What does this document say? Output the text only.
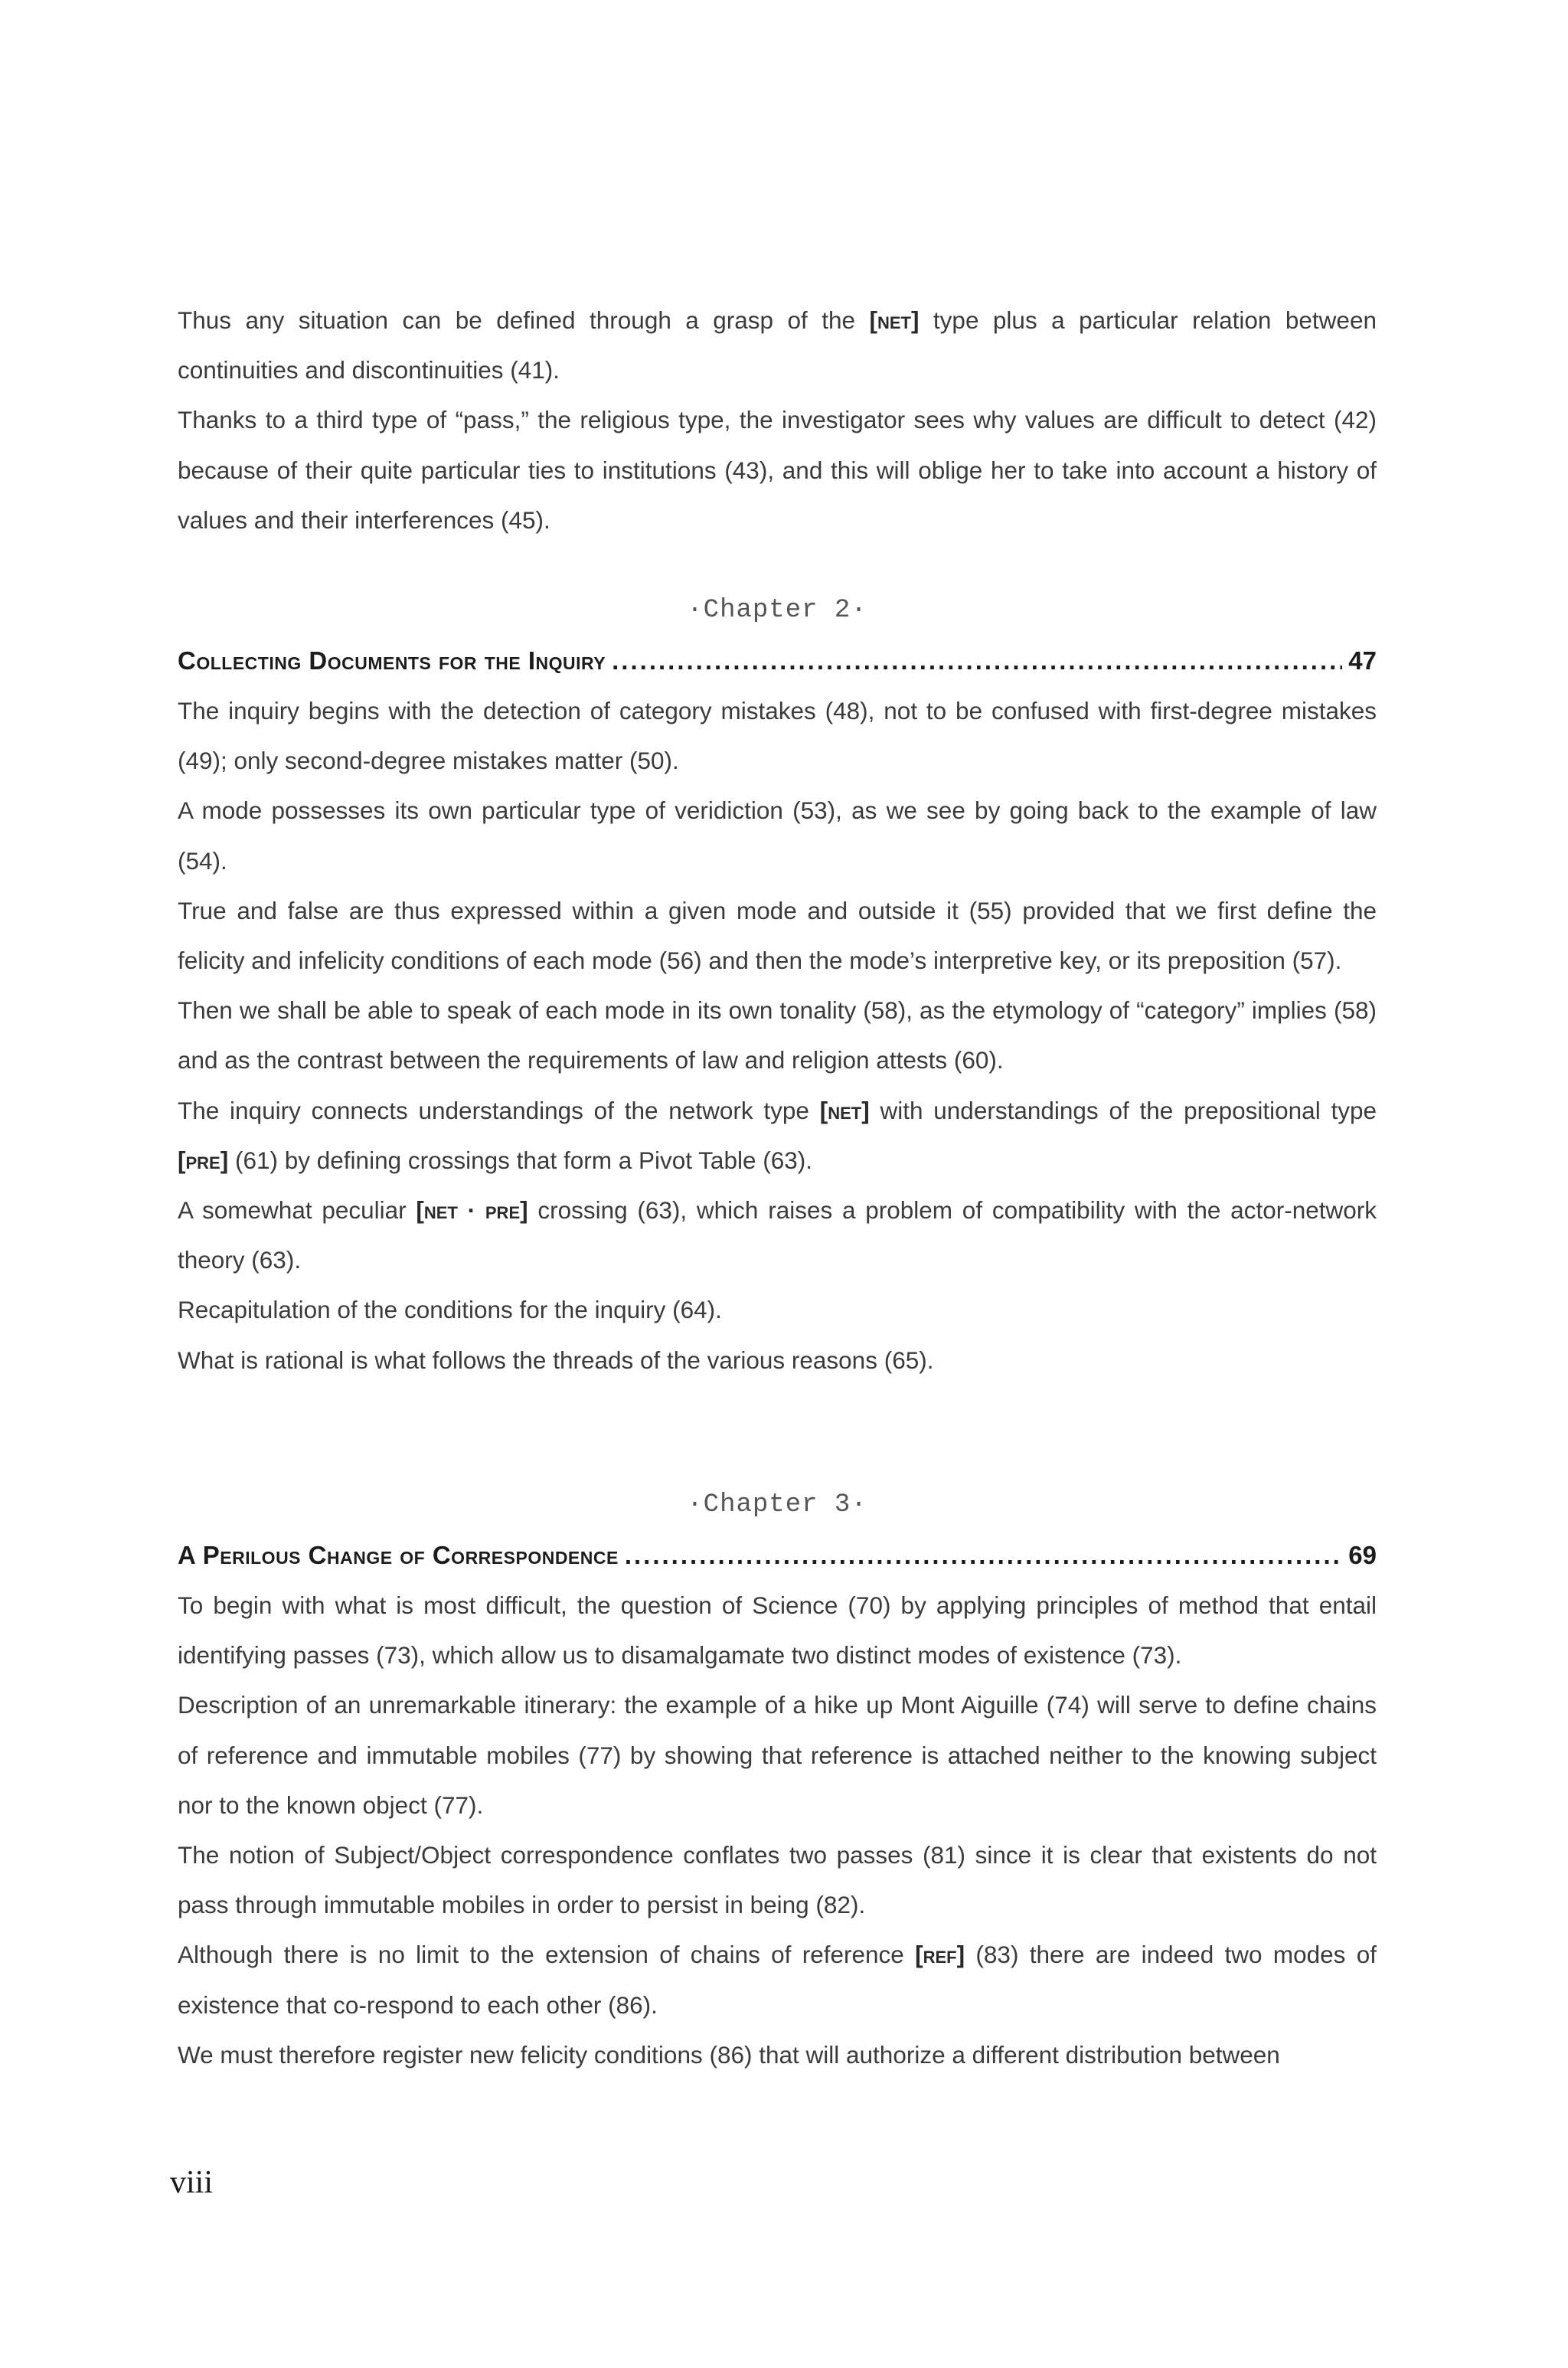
Thus any situation can be defined through a grasp of the [net] type plus a particular relation between continuities and discontinuities (41).

Thanks to a third type of “pass,” the religious type, the investigator sees why values are difficult to detect (42) because of their quite particular ties to institutions (43), and this will oblige her to take into account a history of values and their interferences (45).

·Chapter 2·
Collecting Documents for the Inquiry .....	47

The inquiry begins with the detection of category mistakes (48), not to be confused with first-degree mistakes (49); only second-degree mistakes matter (50).

A mode possesses its own particular type of veridiction (53), as we see by going back to the example of law (54).

True and false are thus expressed within a given mode and outside it (55) provided that we first define the felicity and infelicity conditions of each mode (56) and then the mode’s interpretive key, or its preposition (57).

Then we shall be able to speak of each mode in its own tonality (58), as the etymology of “category” implies (58) and as the contrast between the requirements of law and religion attests (60).

The inquiry connects understandings of the network type [net] with understandings of the prepositional type [pre] (61) by defining crossings that form a Pivot Table (63).

A somewhat peculiar [net · pre] crossing (63), which raises a problem of compatibility with the actor-network theory (63).

Recapitulation of the conditions for the inquiry (64).

What is rational is what follows the threads of the various reasons (65).

·Chapter 3·
A Perilous Change of Correspondence .....	69

To begin with what is most difficult, the question of Science (70) by applying principles of method that entail identifying passes (73), which allow us to disamalgamate two distinct modes of existence (73).

Description of an unremarkable itinerary: the example of a hike up Mont Aiguille (74) will serve to define chains of reference and immutable mobiles (77) by showing that reference is attached neither to the knowing subject nor to the known object (77).

The notion of Subject/Object correspondence conflates two passes (81) since it is clear that existents do not pass through immutable mobiles in order to persist in being (82).

Although there is no limit to the extension of chains of reference [ref] (83) there are indeed two modes of existence that co-respond to each other (86).

We must therefore register new felicity conditions (86) that will authorize a different distribution between

viii
